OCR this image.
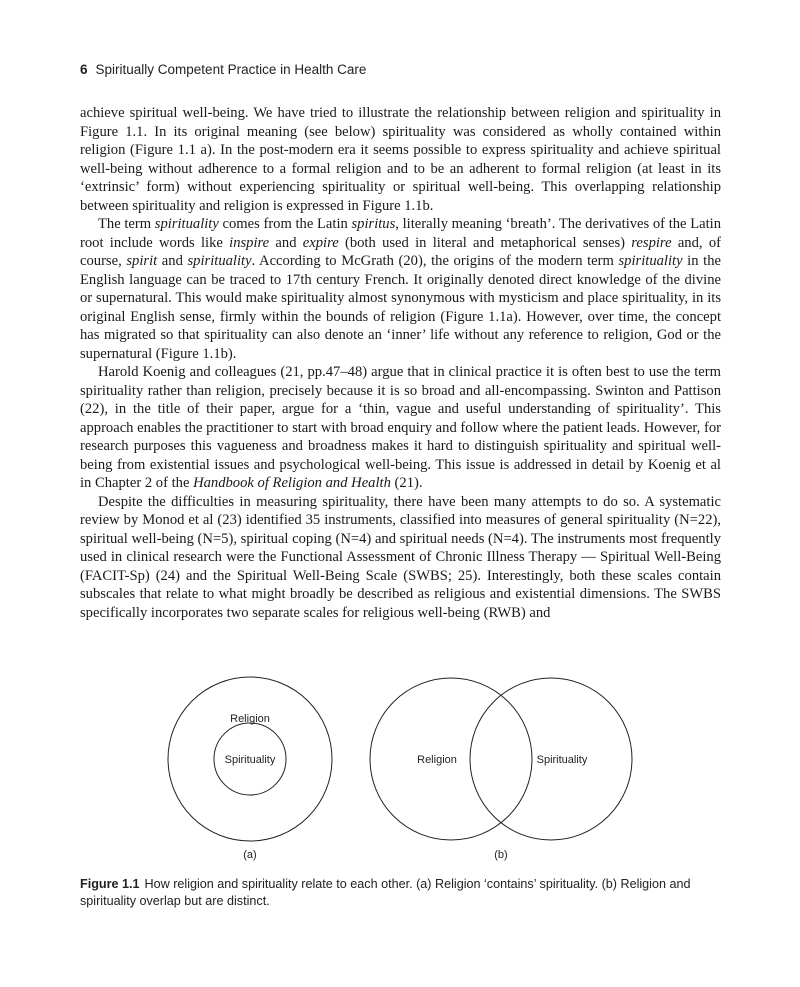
6 Spiritually Competent Practice in Health Care

achieve spiritual well-being. We have tried to illustrate the relationship between religion and spirituality in Figure 1.1. In its original meaning (see below) spirituality was considered as wholly contained within religion (Figure 1.1 a). In the post-modern era it seems possible to express spirituality and achieve spiritual well-being without adherence to a formal religion and to be an adherent to formal religion (at least in its ‘extrinsic’ form) without experiencing spirituality or spiritual well-being. This overlapping relationship between spirituality and religion is expressed in Figure 1.1b.

The term spirituality comes from the Latin spiritus, literally meaning ‘breath’. The derivatives of the Latin root include words like inspire and expire (both used in literal and metaphorical senses) respire and, of course, spirit and spirituality. According to McGrath (20), the origins of the modern term spirituality in the English language can be traced to 17th century French. It originally denoted direct knowledge of the divine or supernatural. This would make spirituality almost synonymous with mysticism and place spirituality, in its original English sense, firmly within the bounds of religion (Figure 1.1a). However, over time, the concept has migrated so that spirituality can also denote an ‘inner’ life without any reference to religion, God or the supernatural (Figure 1.1b).

Harold Koenig and colleagues (21, pp.47–48) argue that in clinical practice it is often best to use the term spirituality rather than religion, precisely because it is so broad and all-encompassing. Swinton and Pattison (22), in the title of their paper, argue for a ‘thin, vague and useful understanding of spirituality’. This approach enables the practitioner to start with broad enquiry and follow where the patient leads. However, for research purposes this vagueness and broadness makes it hard to distinguish spirituality and spiritual well-being from existential issues and psychological well-being. This issue is addressed in detail by Koenig et al in Chapter 2 of the Handbook of Religion and Health (21).

Despite the difficulties in measuring spirituality, there have been many attempts to do so. A systematic review by Monod et al (23) identified 35 instruments, classified into measures of general spirituality (N=22), spiritual well-being (N=5), spiritual coping (N=4) and spiritual needs (N=4). The instruments most frequently used in clinical research were the Functional Assessment of Chronic Illness Therapy — Spiritual Well-Being (FACIT-Sp) (24) and the Spiritual Well-Being Scale (SWBS; 25). Interestingly, both these scales contain subscales that relate to what might broadly be described as religious and existential dimensions. The SWBS specifically incorporates two separate scales for religious well-being (RWB) and

Religion
Spirituality
(a)
Religion	Spirituality
(b)
Figure 1.1 How religion and spirituality relate to each other. (a) Religion ‘contains’ spirituality. (b) Religion and spirituality overlap but are distinct.
